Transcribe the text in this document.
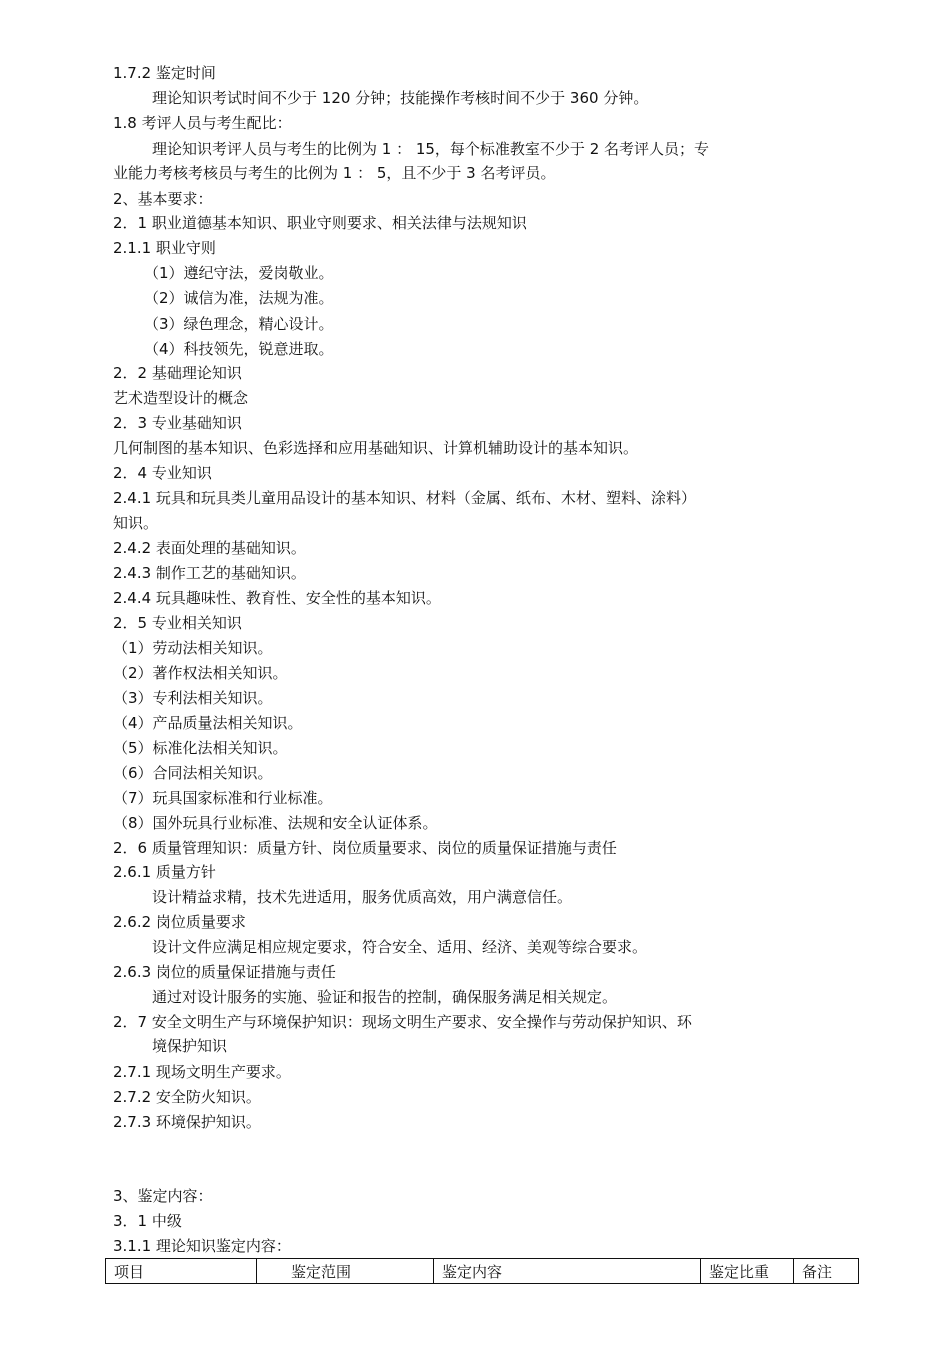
1.7.2 鉴定时间
理论知识考试时间不少于 120 分钟；技能操作考核时间不少于 360 分钟。
1.8 考评人员与考生配比：
理论知识考评人员与考生的比例为 1 ： 15，每个标准教室不少于 2 名考评人员；专
业能力考核考核员与考生的比例为 1 ： 5，且不少于 3 名考评员。
2、基本要求：
2．1 职业道德基本知识、职业守则要求、相关法律与法规知识
2.1.1 职业守则
（1）遵纪守法，爱岗敬业。
（2）诚信为准，法规为准。
（3）绿色理念，精心设计。
（4）科技领先，锐意进取。
2．2 基础理论知识
艺术造型设计的概念
2．3 专业基础知识
几何制图的基本知识、色彩选择和应用基础知识、计算机辅助设计的基本知识。
2．4 专业知识
2.4.1 玩具和玩具类儿童用品设计的基本知识、材料（金属、纸布、木材、塑料、涂料）
知识。
2.4.2 表面处理的基础知识。
2.4.3 制作工艺的基础知识。
2.4.4 玩具趣味性、教育性、安全性的基本知识。
2．5 专业相关知识
（1）劳动法相关知识。
（2）著作权法相关知识。
（3）专利法相关知识。
（4）产品质量法相关知识。
（5）标准化法相关知识。
（6）合同法相关知识。
（7）玩具国家标准和行业标准。
（8）国外玩具行业标准、法规和安全认证体系。
2．6 质量管理知识：质量方针、岗位质量要求、岗位的质量保证措施与责任
2.6.1 质量方针
设计精益求精，技术先进适用，服务优质高效，用户满意信任。
2.6.2 岗位质量要求
设计文件应满足相应规定要求，符合安全、适用、经济、美观等综合要求。
2.6.3 岗位的质量保证措施与责任
通过对设计服务的实施、验证和报告的控制，确保服务满足相关规定。
2．7 安全文明生产与环境保护知识：现场文明生产要求、安全操作与劳动保护知识、环
境保护知识
2.7.1 现场文明生产要求。
2.7.2 安全防火知识。
2.7.3 环境保护知识。
3、鉴定内容：
3．1 中级
3.1.1 理论知识鉴定内容：
项目	鉴定范围	鉴定内容	鉴定比重	备注
